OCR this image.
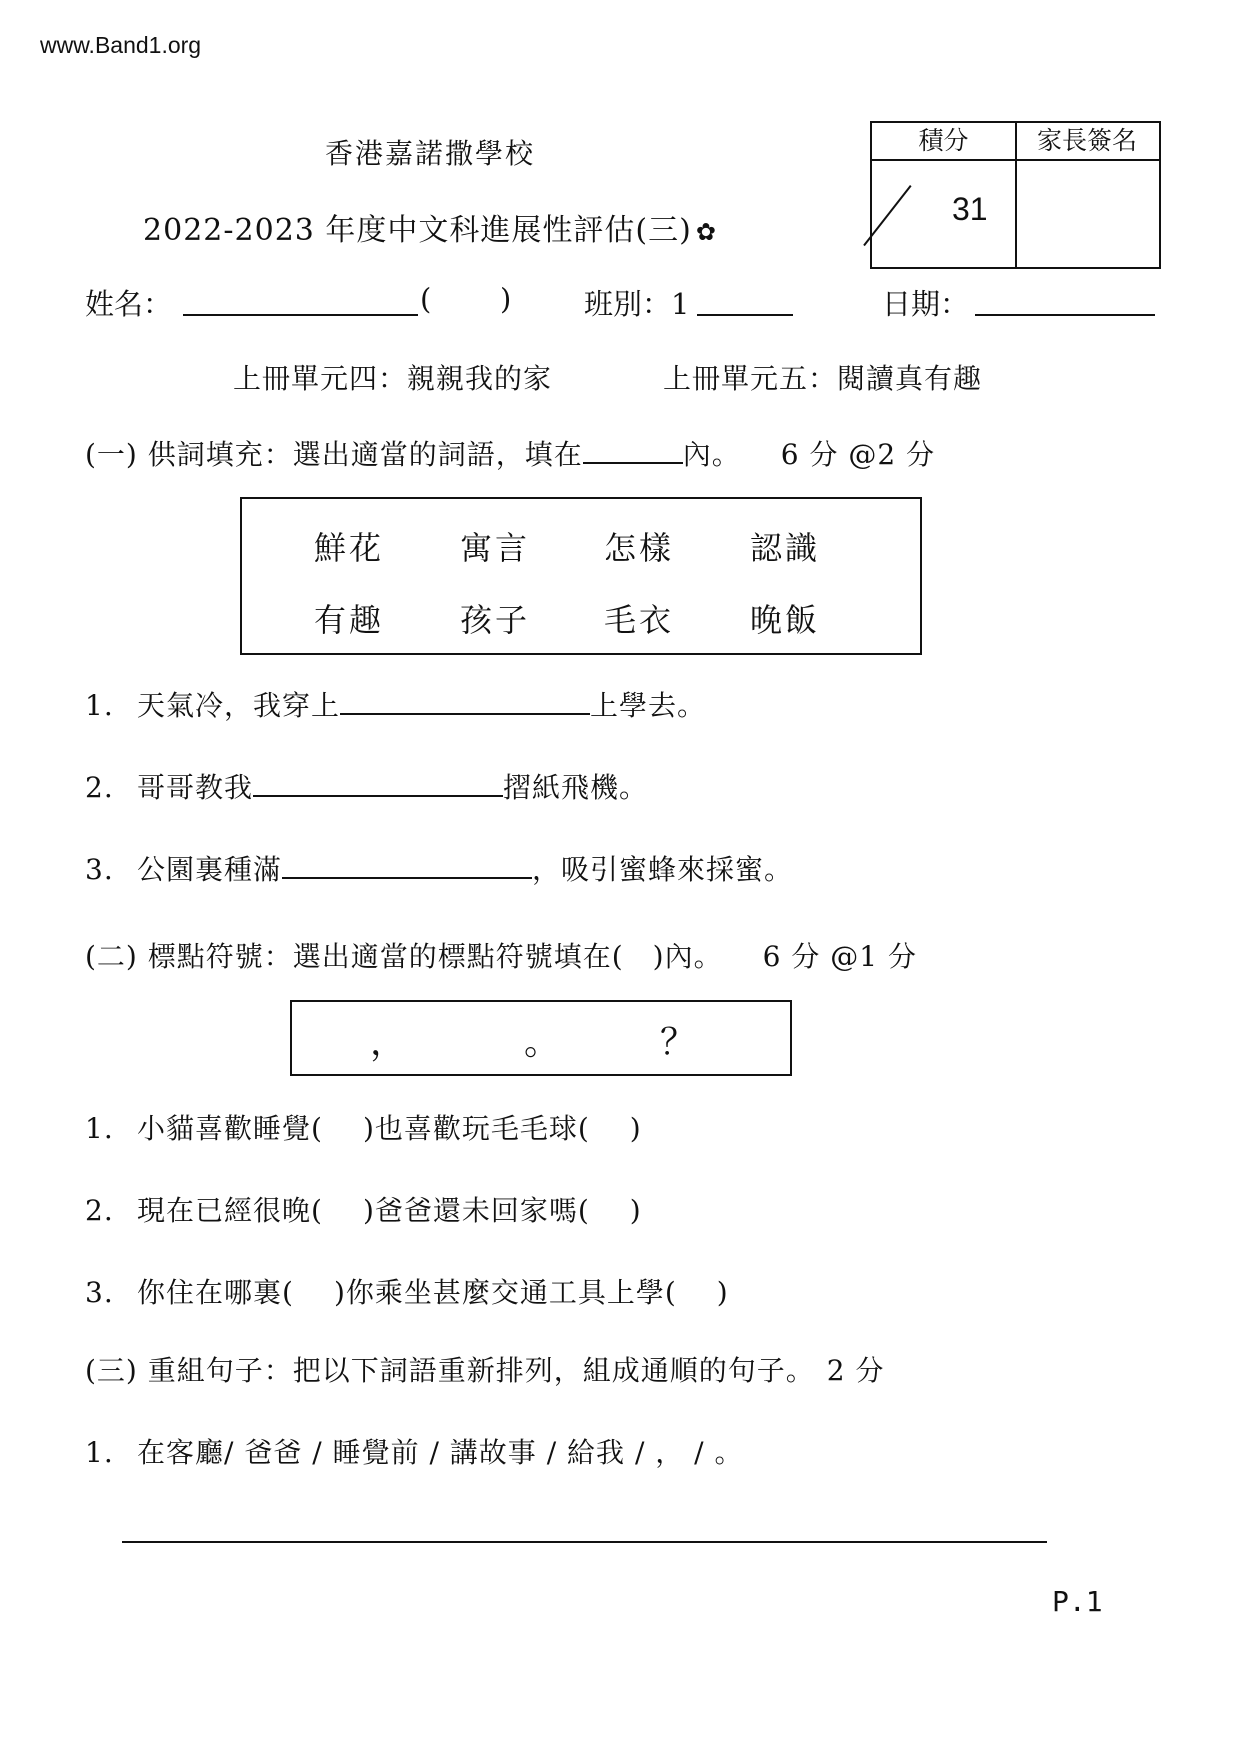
www.Band1.org
香港嘉諾撒學校
2022-2023 年度中文科進展性評估(三) ✿
積分	家長簽名
31
姓名：	( )	班別：1	日期：
上冊單元四：親親我的家	上冊單元五：閱讀真有趣
(一) 供詞填充：選出適當的詞語，填在	內。 6 分 @2 分
鮮花 寓言 怎樣 認識
有趣 孩子 毛衣 晚飯
1. 天氣冷，我穿上	上學去。
2. 哥哥教我	摺紙飛機。
3. 公園裏種滿	，吸引蜜蜂來採蜜。
(二) 標點符號：選出適當的標點符號填在(　)內。 6 分 @1 分
，	。	？
1. 小貓喜歡睡覺( )也喜歡玩毛毛球( )
2. 現在已經很晚( )爸爸還未回家嗎( )
3. 你住在哪裏( )你乘坐甚麼交通工具上學( )
(三) 重組句子：把以下詞語重新排列，組成通順的句子。 2 分
1. 在客廳/ 爸爸 / 睡覺前 / 講故事 / 給我 / ， / 。
P.1
